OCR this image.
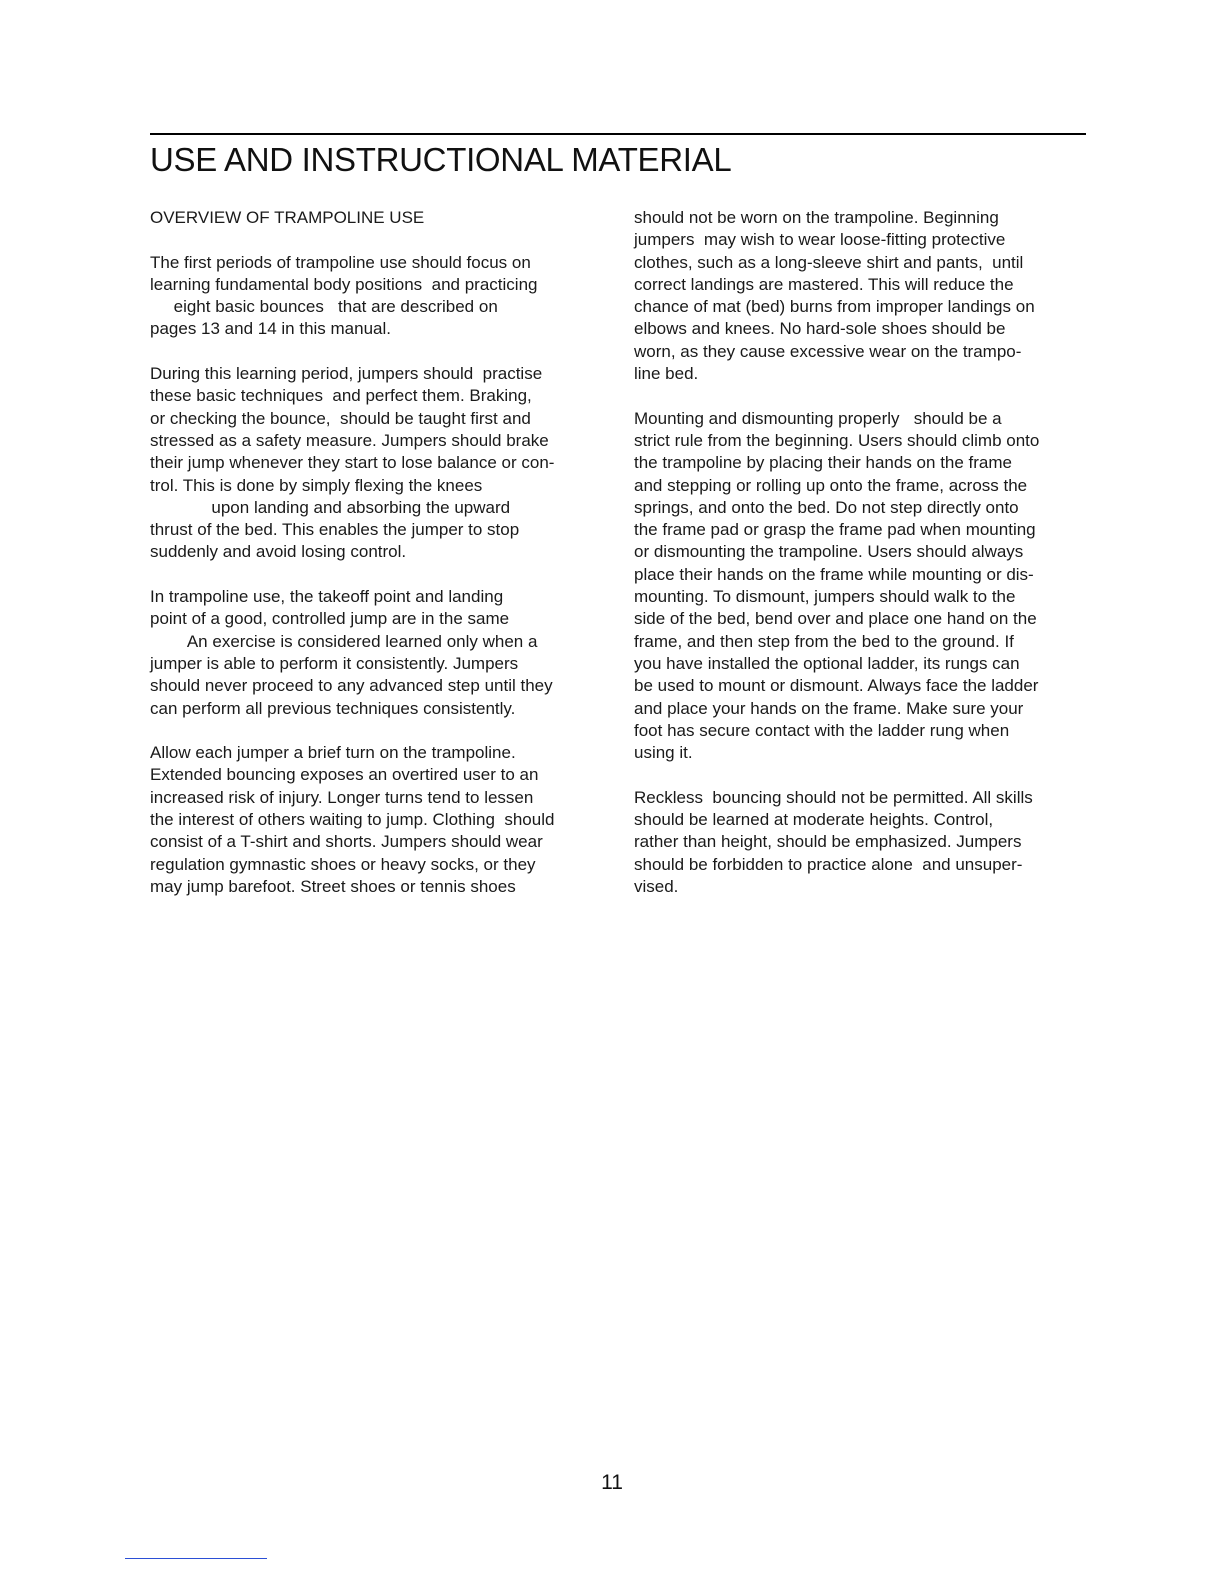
USE AND INSTRUCTIONAL MATERIAL
OVERVIEW OF TRAMPOLINE USE
The first periods of trampoline use should focus on
learning fundamental body positions  and practicing
eight basic bounces   that are described on
pages 13 and 14 in this manual.
During this learning period, jumpers should  practise
these basic techniques  and perfect them. Braking,
or checking the bounce,  should be taught first and
stressed as a safety measure. Jumpers should brake
their jump whenever they start to lose balance or con-
trol. This is done by simply flexing the knees
upon landing and absorbing the upward
thrust of the bed. This enables the jumper to stop
suddenly and avoid losing control.
In trampoline use, the takeoff point and landing
point of a good, controlled jump are in the same
An exercise is considered learned only when a
jumper is able to perform it consistently. Jumpers
should never proceed to any advanced step until they
can perform all previous techniques consistently.
Allow each jumper a brief turn on the trampoline.
Extended bouncing exposes an overtired user to an
increased risk of injury. Longer turns tend to lessen
the interest of others waiting to jump. Clothing  should
consist of a T-shirt and shorts. Jumpers should wear
regulation gymnastic shoes or heavy socks, or they
may jump barefoot. Street shoes or tennis shoes
should not be worn on the trampoline. Beginning
jumpers  may wish to wear loose-fitting protective
clothes, such as a long-sleeve shirt and pants,  until
correct landings are mastered. This will reduce the
chance of mat (bed) burns from improper landings on
elbows and knees. No hard-sole shoes should be
worn, as they cause excessive wear on the trampo-
line bed.
Mounting and dismounting properly   should be a
strict rule from the beginning. Users should climb onto
the trampoline by placing their hands on the frame
and stepping or rolling up onto the frame, across the
springs, and onto the bed. Do not step directly onto
the frame pad or grasp the frame pad when mounting
or dismounting the trampoline. Users should always
place their hands on the frame while mounting or dis-
mounting. To dismount, jumpers should walk to the
side of the bed, bend over and place one hand on the
frame, and then step from the bed to the ground. If
you have installed the optional ladder, its rungs can
be used to mount or dismount. Always face the ladder
and place your hands on the frame. Make sure your
foot has secure contact with the ladder rung when
using it.
Reckless  bouncing should not be permitted. All skills
should be learned at moderate heights. Control,
rather than height, should be emphasized. Jumpers
should be forbidden to practice alone  and unsuper-
vised.
11
